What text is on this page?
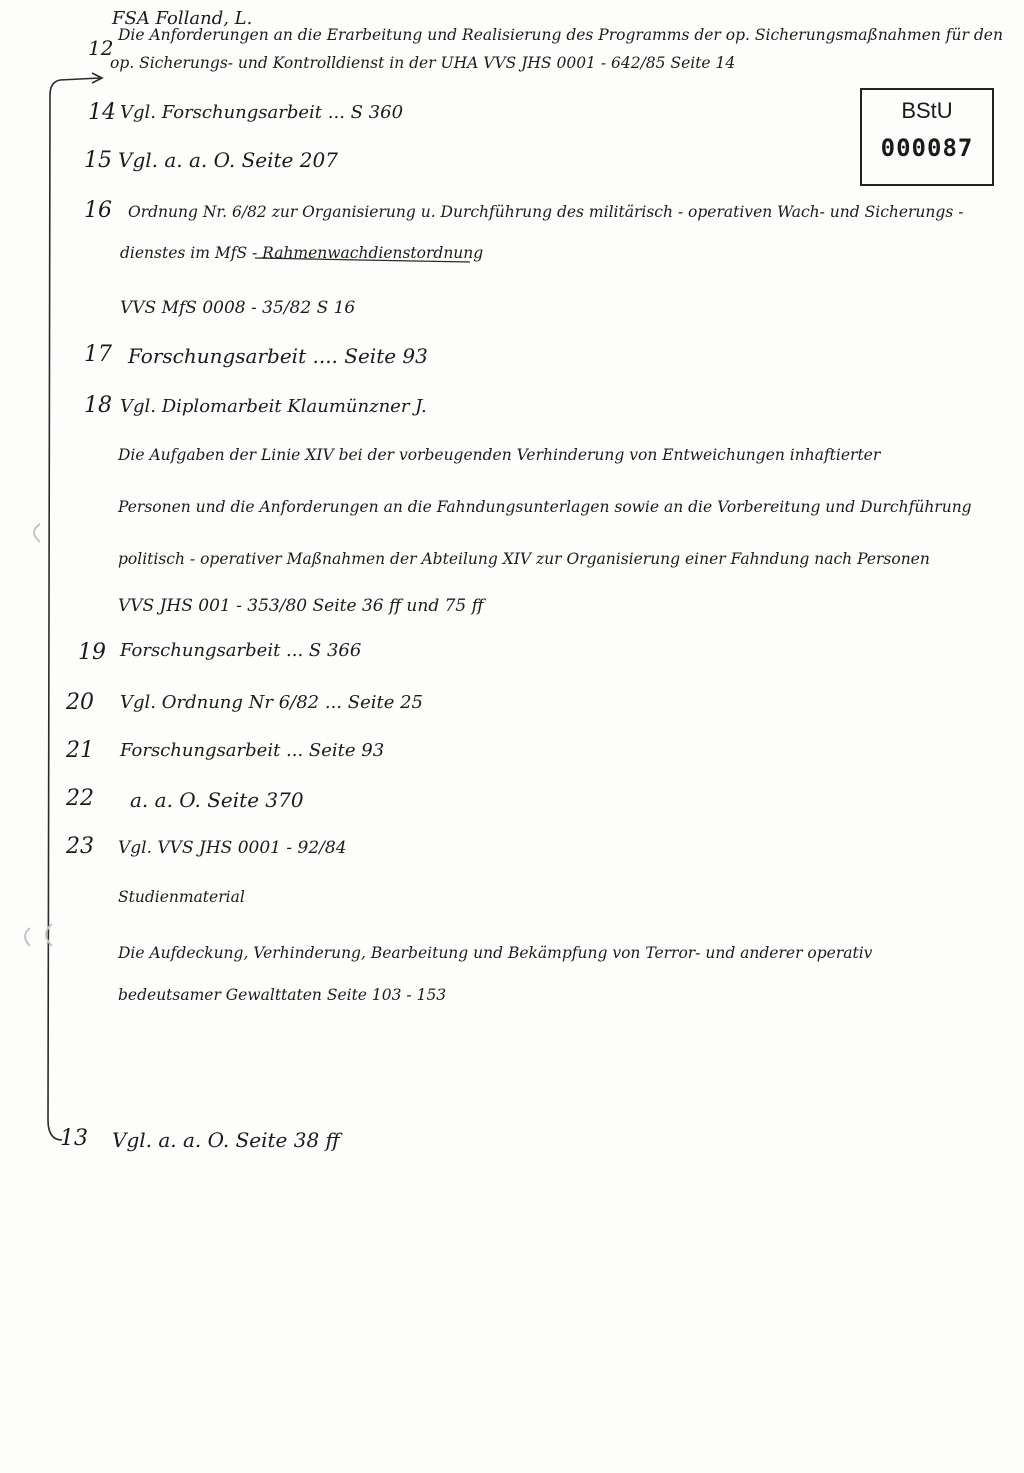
FSA Folland, L.
12
Die Anforderungen an die Erarbeitung und Realisierung des Programms der op. Sicherungsmaßnahmen für den
op. Sicherungs- und Kontrolldienst in der UHA VVS JHS 0001 - 642/85 Seite 14
BStU
000087
14 Vgl. Forschungsarbeit ... S 360
15 Vgl. a. a. O. Seite 207
16 Ordnung Nr. 6/82 zur Organisierung u. Durchführung des militärisch - operativen Wach- und Sicherungs -
dienstes im MfS - Rahmenwachdienstordnung
VVS MfS 0008 - 35/82 S 16
17 Forschungsarbeit .... Seite 93
18 Vgl. Diplomarbeit Klaumünzner J.
Die Aufgaben der Linie XIV bei der vorbeugenden Verhinderung von Entweichungen inhaftierter
Personen und die Anforderungen an die Fahndungsunterlagen sowie an die Vorbereitung und Durchführung
politisch - operativer Maßnahmen der Abteilung XIV zur Organisierung einer Fahndung nach Personen
VVS JHS 001 - 353/80 Seite 36 ff und 75 ff
19 Forschungsarbeit ... S 366
20 Vgl. Ordnung Nr 6/82 ... Seite 25
21 Forschungsarbeit ... Seite 93
22 a. a. O. Seite 370
23 Vgl. VVS JHS 0001 - 92/84
Studienmaterial
Die Aufdeckung, Verhinderung, Bearbeitung und Bekämpfung von Terror- und anderer operativ
bedeutsamer Gewalttaten Seite 103 - 153
13 Vgl. a. a. O. Seite 38 ff
